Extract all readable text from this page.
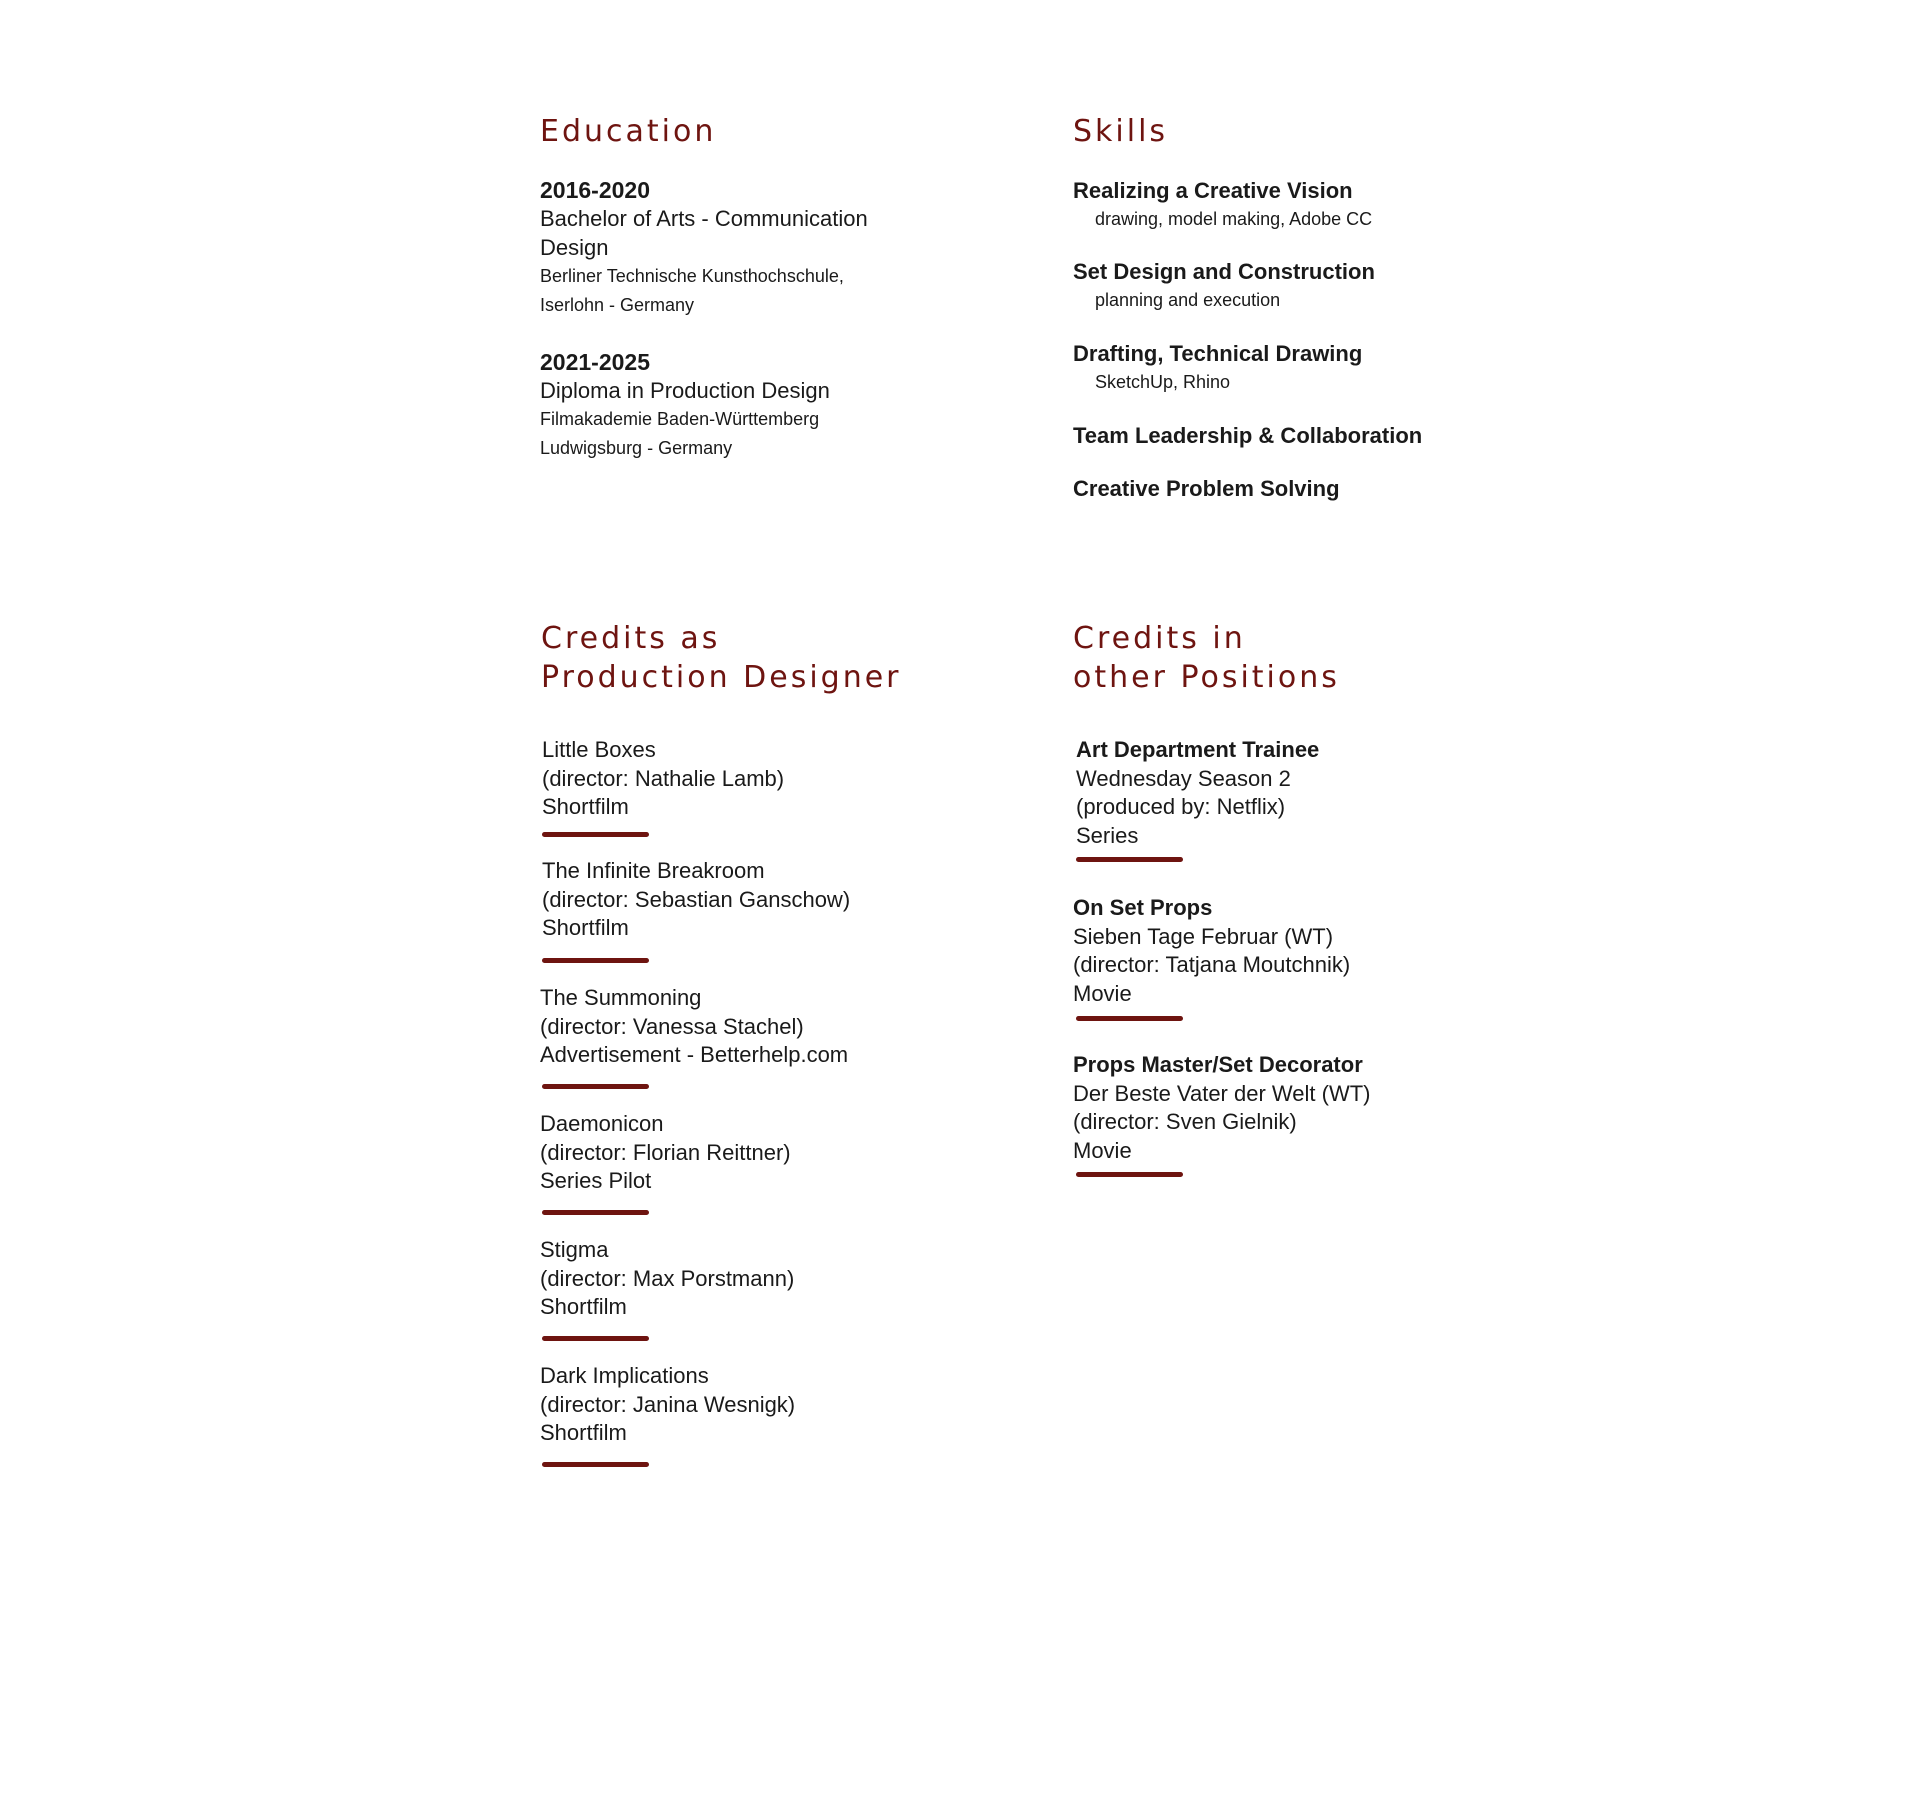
Education
2016-2020
Bachelor of Arts - Communication
Design
Berliner Technische Kunsthochschule,
Iserlohn - Germany
2021-2025
Diploma in Production Design
Filmakademie Baden-Württemberg
Ludwigsburg - Germany
Skills
Realizing a Creative Vision
drawing, model making, Adobe CC
Set Design and Construction
planning and execution
Drafting, Technical Drawing
SketchUp, Rhino
Team Leadership & Collaboration
Creative Problem Solving
Credits as
Production Designer
Little Boxes
(director: Nathalie Lamb)
Shortfilm
The Infinite Breakroom
(director: Sebastian Ganschow)
Shortfilm
The Summoning
(director: Vanessa Stachel)
Advertisement - Betterhelp.com
Daemonicon
(director: Florian Reittner)
Series Pilot
Stigma
(director: Max Porstmann)
Shortfilm
Dark Implications
(director: Janina Wesnigk)
Shortfilm
Credits in
other Positions
Art Department Trainee
Wednesday Season 2
(produced by: Netflix)
Series
On Set Props
Sieben Tage Februar (WT)
(director: Tatjana Moutchnik)
Movie
Props Master/Set Decorator
Der Beste Vater der Welt (WT)
(director: Sven Gielnik)
Movie
